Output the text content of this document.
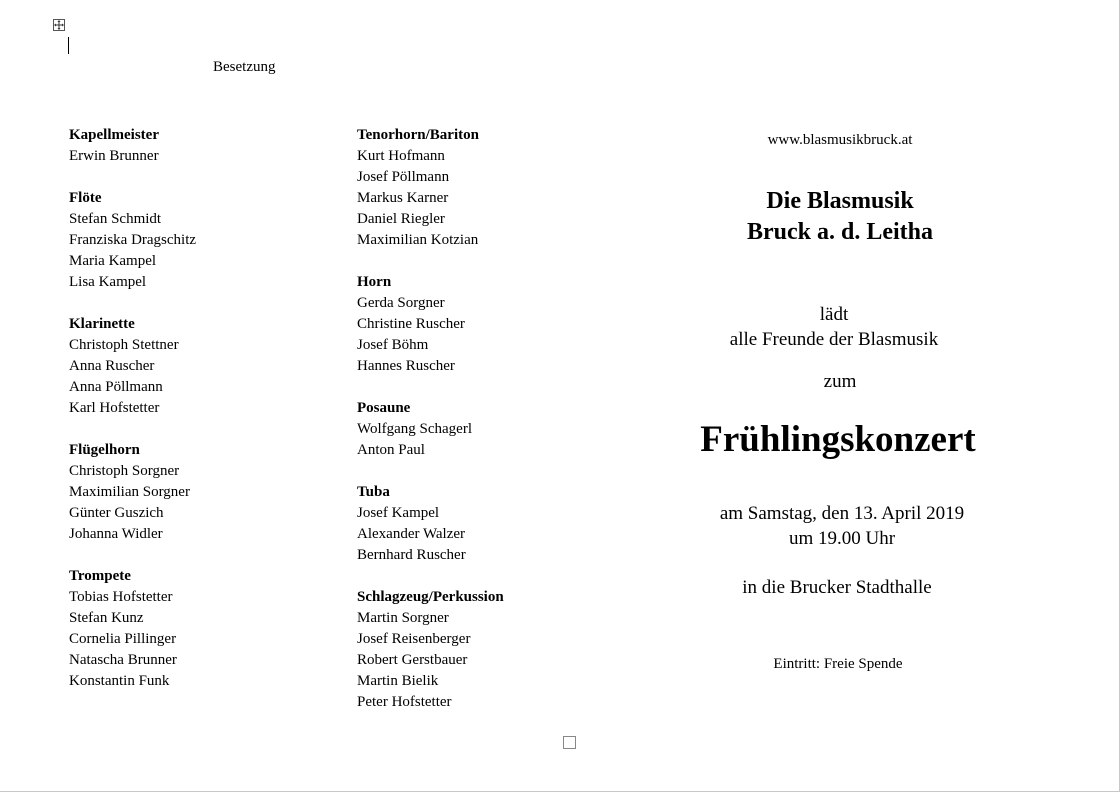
Besetzung
Kapellmeister
Erwin Brunner
Flöte
Stefan Schmidt
Franziska Dragschitz
Maria Kampel
Lisa Kampel
Klarinette
Christoph Stettner
Anna Ruscher
Anna Pöllmann
Karl Hofstetter
Flügelhorn
Christoph Sorgner
Maximilian Sorgner
Günter Guszich
Johanna Widler
Trompete
Tobias Hofstetter
Stefan Kunz
Cornelia Pillinger
Natascha Brunner
Konstantin Funk
Tenorhorn/Bariton
Kurt Hofmann
Josef Pöllmann
Markus Karner
Daniel Riegler
Maximilian Kotzian
Horn
Gerda Sorgner
Christine Ruscher
Josef Böhm
Hannes Ruscher
Posaune
Wolfgang Schagerl
Anton Paul
Tuba
Josef Kampel
Alexander Walzer
Bernhard Ruscher
Schlagzeug/Perkussion
Martin Sorgner
Josef Reisenberger
Robert Gerstbauer
Martin Bielik
Peter Hofstetter
www.blasmusikbruck.at
Die Blasmusik
Bruck a. d. Leitha
lädt
alle Freunde der Blasmusik
zum
Frühlingskonzert
am Samstag, den 13. April 2019
um 19.00 Uhr
in die Brucker Stadthalle
Eintritt: Freie Spende
